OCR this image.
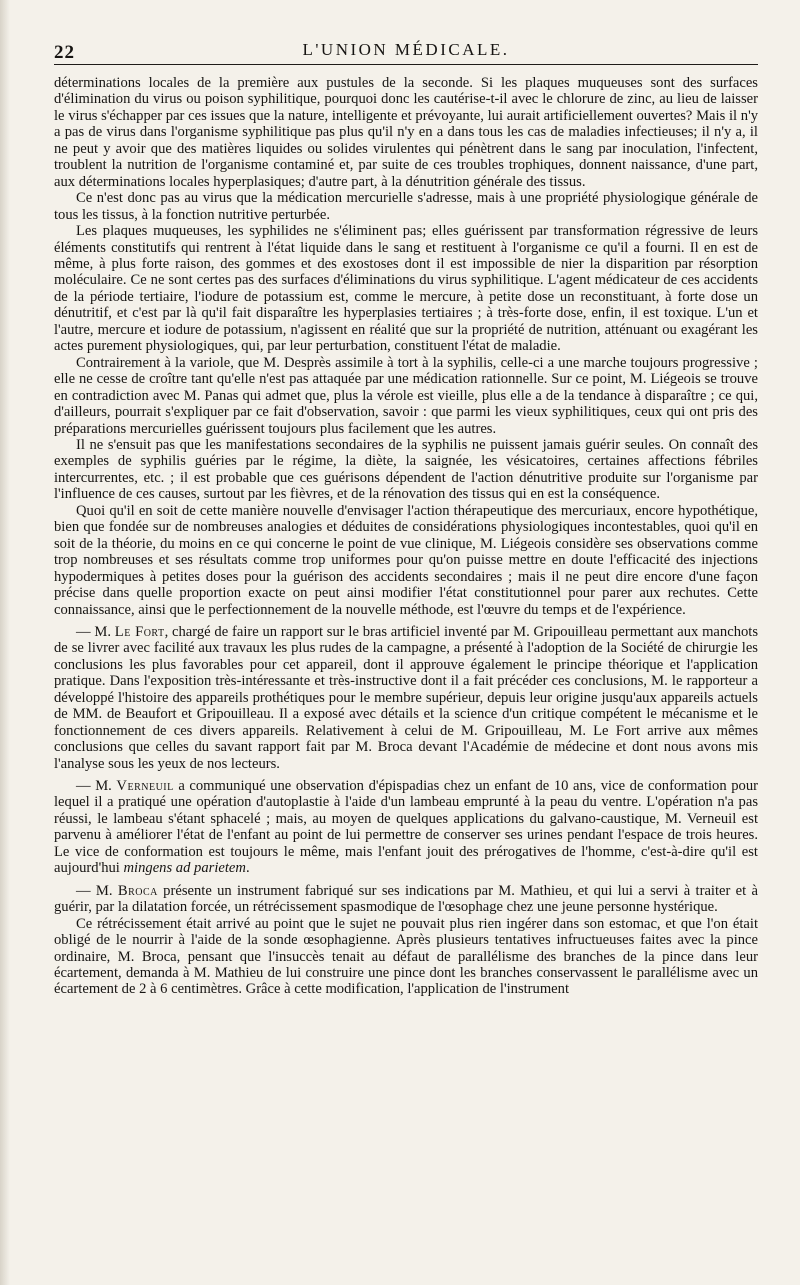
22	L'UNION MÉDICALE.

déterminations locales de la première aux pustules de la seconde. Si les plaques muqueuses sont des surfaces d'élimination du virus ou poison syphilitique, pourquoi donc les cautérise-t-il avec le chlorure de zinc, au lieu de laisser le virus s'échapper par ces issues que la nature, intelligente et prévoyante, lui aurait artificiellement ouvertes? Mais il n'y a pas de virus dans l'organisme syphilitique pas plus qu'il n'y en a dans tous les cas de maladies infectieuses; il n'y a, il ne peut y avoir que des matières liquides ou solides virulentes qui pénètrent dans le sang par inoculation, l'infectent, troublent la nutrition de l'organisme contaminé et, par suite de ces troubles trophiques, donnent naissance, d'une part, aux déterminations locales hyperplasiques; d'autre part, à la dénutrition générale des tissus.

Ce n'est donc pas au virus que la médication mercurielle s'adresse, mais à une propriété physiologique générale de tous les tissus, à la fonction nutritive perturbée.

Les plaques muqueuses, les syphilides ne s'éliminent pas; elles guérissent par transformation régressive de leurs éléments constitutifs qui rentrent à l'état liquide dans le sang et restituent à l'organisme ce qu'il a fourni. Il en est de même, à plus forte raison, des gommes et des exostoses dont il est impossible de nier la disparition par résorption moléculaire. Ce ne sont certes pas des surfaces d'éliminations du virus syphilitique. L'agent médicateur de ces accidents de la période tertiaire, l'iodure de potassium est, comme le mercure, à petite dose un reconstituant, à forte dose un dénutritif, et c'est par là qu'il fait disparaître les hyperplasies tertiaires ; à très-forte dose, enfin, il est toxique. L'un et l'autre, mercure et iodure de potassium, n'agissent en réalité que sur la propriété de nutrition, atténuant ou exagérant les actes purement physiologiques, qui, par leur perturbation, constituent l'état de maladie.

Contrairement à la variole, que M. Desprès assimile à tort à la syphilis, celle-ci a une marche toujours progressive ; elle ne cesse de croître tant qu'elle n'est pas attaquée par une médication rationnelle. Sur ce point, M. Liégeois se trouve en contradiction avec M. Panas qui admet que, plus la vérole est vieille, plus elle a de la tendance à disparaître ; ce qui, d'ailleurs, pourrait s'expliquer par ce fait d'observation, savoir : que parmi les vieux syphilitiques, ceux qui ont pris des préparations mercurielles guérissent toujours plus facilement que les autres.

Il ne s'ensuit pas que les manifestations secondaires de la syphilis ne puissent jamais guérir seules. On connaît des exemples de syphilis guéries par le régime, la diète, la saignée, les vésicatoires, certaines affections fébriles intercurrentes, etc. ; il est probable que ces guérisons dépendent de l'action dénutritive produite sur l'organisme par l'influence de ces causes, surtout par les fièvres, et de la rénovation des tissus qui en est la conséquence.

Quoi qu'il en soit de cette manière nouvelle d'envisager l'action thérapeutique des mercuriaux, encore hypothétique, bien que fondée sur de nombreuses analogies et déduites de considérations physiologiques incontestables, quoi qu'il en soit de la théorie, du moins en ce qui concerne le point de vue clinique, M. Liégeois considère ses observations comme trop nombreuses et ses résultats comme trop uniformes pour qu'on puisse mettre en doute l'efficacité des injections hypodermiques à petites doses pour la guérison des accidents secondaires ; mais il ne peut dire encore d'une façon précise dans quelle proportion exacte on peut ainsi modifier l'état constitutionnel pour parer aux rechutes. Cette connaissance, ainsi que le perfectionnement de la nouvelle méthode, est l'œuvre du temps et de l'expérience.

— M. Le Fort, chargé de faire un rapport sur le bras artificiel inventé par M. Gripouilleau permettant aux manchots de se livrer avec facilité aux travaux les plus rudes de la campagne, a présenté à l'adoption de la Société de chirurgie les conclusions les plus favorables pour cet appareil, dont il approuve également le principe théorique et l'application pratique. Dans l'exposition très-intéressante et très-instructive dont il a fait précéder ces conclusions, M. le rapporteur a développé l'histoire des appareils prothétiques pour le membre supérieur, depuis leur origine jusqu'aux appareils actuels de MM. de Beaufort et Gripouilleau. Il a exposé avec détails et la science d'un critique compétent le mécanisme et le fonctionnement de ces divers appareils. Relativement à celui de M. Gripouilleau, M. Le Fort arrive aux mêmes conclusions que celles du savant rapport fait par M. Broca devant l'Académie de médecine et dont nous avons mis l'analyse sous les yeux de nos lecteurs.

— M. Verneuil a communiqué une observation d'épispadias chez un enfant de 10 ans, vice de conformation pour lequel il a pratiqué une opération d'autoplastie à l'aide d'un lambeau emprunté à la peau du ventre. L'opération n'a pas réussi, le lambeau s'étant sphacelé ; mais, au moyen de quelques applications du galvano-caustique, M. Verneuil est parvenu à améliorer l'état de l'enfant au point de lui permettre de conserver ses urines pendant l'espace de trois heures. Le vice de conformation est toujours le même, mais l'enfant jouit des prérogatives de l'homme, c'est-à-dire qu'il est aujourd'hui mingens ad parietem.

— M. Broca présente un instrument fabriqué sur ses indications par M. Mathieu, et qui lui a servi à traiter et à guérir, par la dilatation forcée, un rétrécissement spasmodique de l'œsophage chez une jeune personne hystérique.

Ce rétrécissement était arrivé au point que le sujet ne pouvait plus rien ingérer dans son estomac, et que l'on était obligé de le nourrir à l'aide de la sonde œsophagienne. Après plusieurs tentatives infructueuses faites avec la pince ordinaire, M. Broca, pensant que l'insuccès tenait au défaut de parallélisme des branches de la pince dans leur écartement, demanda à M. Mathieu de lui construire une pince dont les branches conservassent le parallélisme avec un écartement de 2 à 6 centimètres. Grâce à cette modification, l'application de l'instrument
